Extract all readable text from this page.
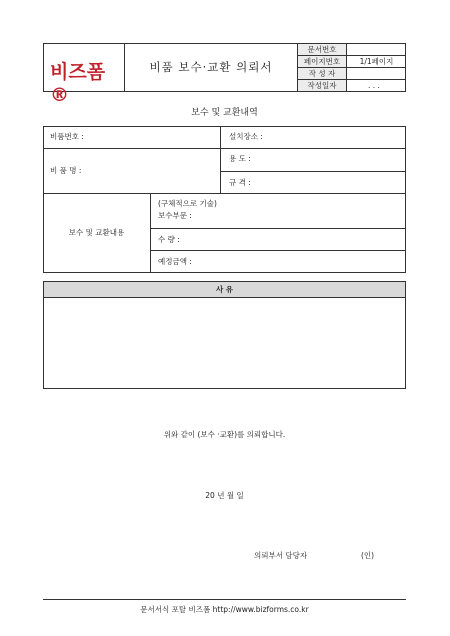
비즈폼®
비품 보수·교환 의뢰서
문서번호
페이지번호	1/1페이지
작 성 자
작성일자	. . .
보수 및 교환내역
비품번호 :	설치장소 :
비 품 명 :
용 도 :
규 격 :
보수 및 교환내용
(구체적으로 기술)
보수부문 :
수 량 :
예정금액 :
사 유
위와 같이 (보수 ·교환)를 의뢰합니다.
20 년 월 일
의뢰부서 담당자	(인)
문서서식 포탈 비즈폼 http://www.bizforms.co.kr
